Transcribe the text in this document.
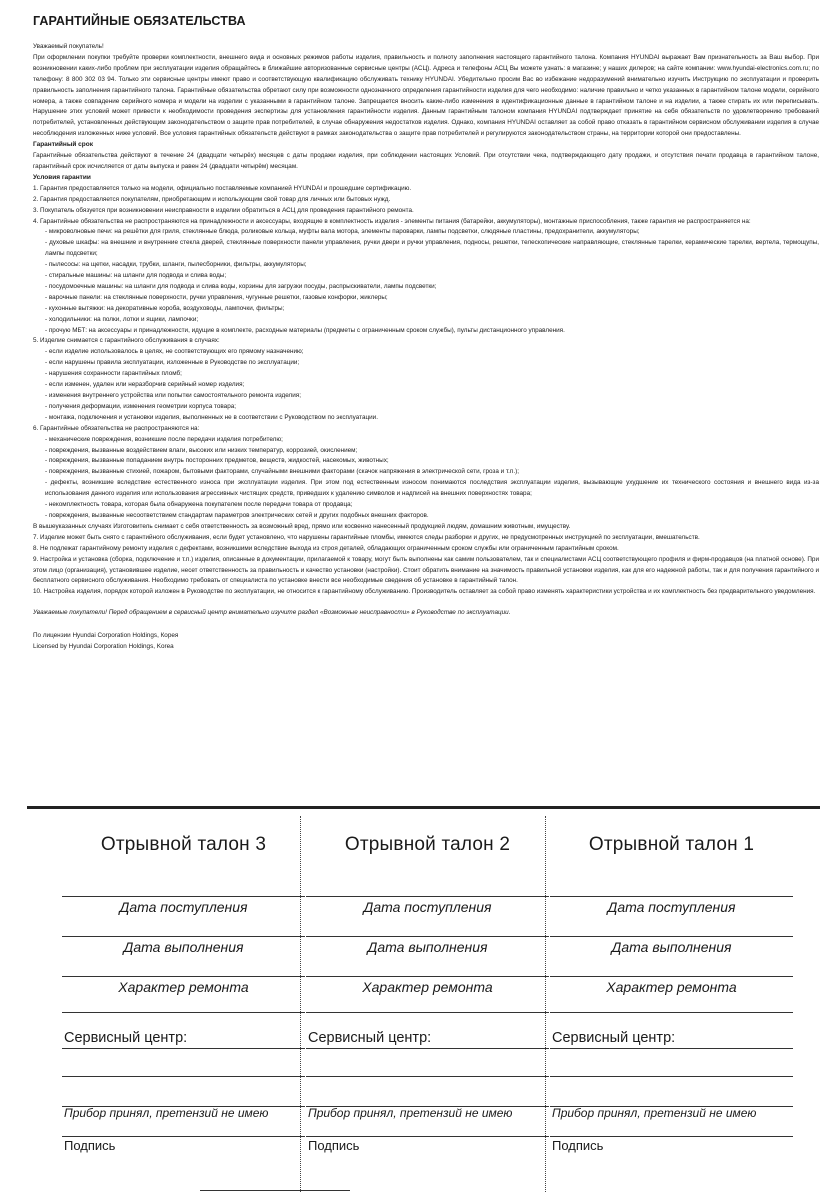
ГАРАНТИЙНЫЕ ОБЯЗАТЕЛЬСТВА

Уважаемый покупатель!

При оформлении покупки требуйте проверки комплектности, внешнего вида и основных режимов работы изделия, правильность и полноту заполнения настоящего гарантийного талона. Компания HYUNDAI выражает Вам признательность за Ваш выбор. При возникновении каких-либо проблем при эксплуатации изделия обращайтесь в ближайшие авторизованные сервисные центры (АСЦ). Адреса и телефоны АСЦ Вы можете узнать: в магазине; у наших дилеров; на сайте компании: www.hyundai-electronics.com.ru; по телефону: 8 800 302 03 94. Только эти сервисные центры имеют право и соответствующую квалификацию обслуживать технику HYUNDAI. Убедительно просим Вас во избежание недоразумений внимательно изучить Инструкцию по эксплуатации и проверить правильность заполнения гарантийного талона. Гарантийные обязательства обретают силу при возможности однозначного определения гарантийности изделия для чего необходимо: наличие правильно и четко указанных в гарантийном талоне модели, серийного номера, а также совпадение серийного номера и модели на изделии с указанными в гарантийном талоне. Запрещается вносить какие-либо изменения в идентификационные данные в гарантийном талоне и на изделии, а также стирать их или переписывать. Нарушение этих условий может привести к необходимости проведения экспертизы для установления гарантийности изделия. Данным гарантийным талоном компания HYUNDAI подтверждает принятие на себя обязательств по удовлетворению требований потребителей, установленных действующим законодательством о защите прав потребителей, в случае обнаружения недостатков изделия. Однако, компания HYUNDAI оставляет за собой право отказать в гарантийном сервисном обслуживании изделия в случае несоблюдения изложенных ниже условий. Все условия гарантийных обязательств действуют в рамках законодательства о защите прав потребителей и регулируются законодательством страны, на территории которой они предоставлены.

Гарантийный срок

Гарантийные обязательства действуют в течение 24 (двадцати четырёх) месяцев с даты продажи изделия, при соблюдении настоящих Условий. При отсутствии чека, подтверждающего дату продажи, и отсутствия печати продавца в гарантийном талоне, гарантийный срок исчисляется от даты выпуска и равен 24 (двадцати четырём) месяцам.

Условия гарантии

1. Гарантия предоставляется только на модели, официально поставляемые компанией HYUNDAI и прошедшие сертификацию.

2. Гарантия предоставляется покупателям, приобретающим и использующим свой товар для личных или бытовых нужд.

3. Покупатель обязуется при возникновении неисправности в изделии обратиться в АСЦ для проведения гарантийного ремонта.

4. Гарантийные обязательства не распространяются на принадлежности и аксессуары, входящие в комплектность изделия - элементы питания (батарейки, аккумуляторы), монтажные приспособления, также гарантия не распространяется на:

- микроволновые печи: на решётки для гриля, стеклянные блюда, роликовые кольца, муфты вала мотора, элементы пароварки, лампы подсветки, слюдяные пластины, предохранители, аккумуляторы;

- духовые шкафы: на внешние и внутренние стекла дверей, стеклянные поверхности панели управления, ручки двери и ручки управления, подносы, решетки, телескопические направляющие, стеклянные тарелки, керамические тарелки, вертела, термощупы, лампы подсветки;

- пылесосы: на щетки, насадки, трубки, шланги, пылесборники, фильтры, аккумуляторы;

- стиральные машины: на шланги для подвода и слива воды;

- посудомоечные машины: на шланги для подвода и слива воды, корзины для загрузки посуды, распрыскиватели, лампы подсветки;

- варочные панели: на стеклянные поверхности, ручки управления, чугунные решетки, газовые конфорки, жиклеры;

- кухонные вытяжки: на декоративные короба, воздуховоды, лампочки, фильтры;

- холодильники: на полки, лотки и ящики, лампочки;

- прочую МБТ: на аксессуары и принадлежности, идущие в комплекте, расходные материалы (предметы с ограниченным сроком службы), пульты дистанционного управления.

5. Изделие снимается с гарантийного обслуживания в случаях:

- если изделие использовалось в целях, не соответствующих его прямому назначению;

- если нарушены правила эксплуатации, изложенные в Руководстве по эксплуатации;

- нарушения сохранности гарантийных пломб;

- если изменен, удален или неразборчив серийный номер изделия;

- изменения внутреннего устройства или попытки самостоятельного ремонта изделия;

- получения деформации, изменения геометрии корпуса товара;

- монтажа, подключения и установки изделия, выполненных не в соответствии с Руководством по эксплуатации.

6. Гарантийные обязательства не распространяются на:

- механические повреждения, возникшие после передачи изделия потребителю;

- повреждения, вызванные воздействием влаги, высоких или низких температур, коррозией, окислением;

- повреждения, вызванные попаданием внутрь посторонних предметов, веществ, жидкостей, насекомых, животных;

- повреждения, вызванные стихией, пожаром, бытовыми факторами, случайными внешними факторами (скачок напряжения в электрической сети, гроза и т.п.);

- дефекты, возникшие вследствие естественного износа при эксплуатации изделия. При этом под естественным износом понимаются последствия эксплуатации изделия, вызывающие ухудшение их технического состояния и внешнего вида из-за использования данного изделия или использования агрессивных чистящих средств, приведших к удалению символов и надписей на внешних поверхностях товара;

- некомплектность товара, которая была обнаружена покупателем после передачи товара от продавца;

- повреждения, вызванные несоответствием стандартам параметров электрических сетей и других подобных внешних факторов.

В вышеуказанных случаях Изготовитель снимает с себя ответственность за возможный вред, прямо или косвенно нанесенный продукцией людям, домашним животным, имуществу.

7. Изделие может быть снято с гарантийного обслуживания, если будет установлено, что нарушены гарантийные пломбы, имеются следы разборки и других, не предусмотренных инструкцией по эксплуатации, вмешательств.

8. Не подлежат гарантийному ремонту изделия с дефектами, возникшими вследствие выхода из строя деталей, обладающих ограниченным сроком службы или ограниченным гарантийным сроком.

9. Настройка и установка (сборка, подключение и т.п.) изделия, описанные в документации, прилагаемой к товару, могут быть выполнены как самим пользователем, так и специалистами АСЦ соответствующего профиля и фирм-продавцов (на платной основе). При этом лицо (организация), установившее изделие, несет ответственность за правильность и качество установки (настройки). Стоит обратить внимание на значимость правильной установки изделия, как для его надежной работы, так и для получения гарантийного и бесплатного сервисного обслуживания. Необходимо требовать от специалиста по установке внести все необходимые сведения об установке в гарантийный талон.

10. Настройка изделия, порядок которой изложен в Руководстве по эксплуатации, не относится к гарантийному обслуживанию. Производитель оставляет за собой право изменять характеристики устройства и их комплектность без предварительного уведомления.

Уважаемые покупатели! Перед обращением в сервисный центр внимательно изучите раздел «Возможные неисправности» в Руководстве по эксплуатации.

По лицензии Hyundai Corporation Holdings, Корея

Licensed by Hyundai Corporation Holdings, Korea

Отрывной талон 3
Дата поступления
Дата выполнения
Характер ремонта
Сервисный центр:
Прибор принял, претензий не имею
Подпись
Отрывной талон 2
Дата поступления
Дата выполнения
Характер ремонта
Сервисный центр:
Прибор принял, претензий не имею
Подпись
Отрывной талон 1
Дата поступления
Дата выполнения
Характер ремонта
Сервисный центр:
Прибор принял, претензий не имею
Подпись
